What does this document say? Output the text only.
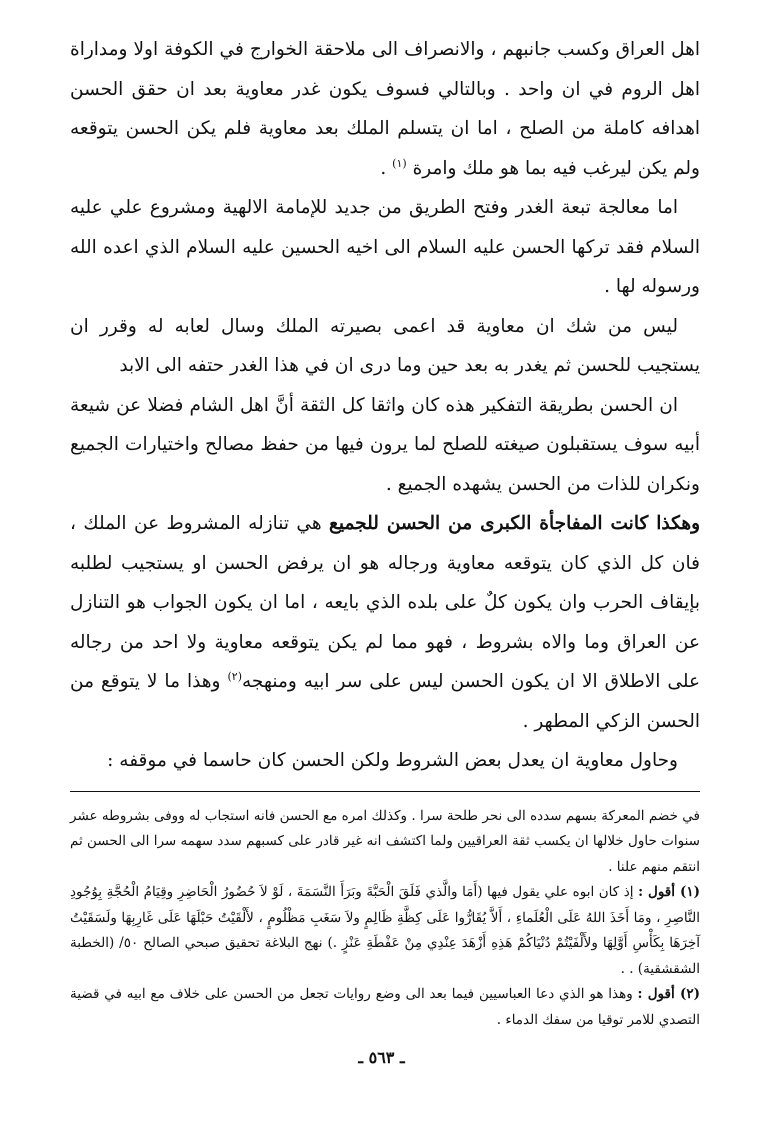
اهل العراق وكسب جانبهم ، والانصراف الى ملاحقة الخوارج في الكوفة اولا ومداراة اهل الروم في ان واحد . وبالتالي فسوف يكون غدر معاوية بعد ان حقق الحسن اهدافه كاملة من الصلح ، اما ان يتسلم الملك بعد معاوية فلم يكن الحسن يتوقعه ولم يكن ليرغب فيه بما هو ملك وامرة $^{(١)}$ .

اما معالجة تبعة الغدر وفتح الطريق من جديد للإمامة الالهية ومشروع علي عليه السلام فقد تركها الحسن عليه السلام الى اخيه الحسين عليه السلام الذي اعده الله ورسوله لها .

ليس من شك ان معاوية قد اعمى بصيرته الملك وسال لعابه له وقرر ان يستجيب للحسن ثم يغدر به بعد حين وما درى ان في هذا الغدر حتفه الى الابد

ان الحسن بطريقة التفكير هذه كان واثقا كل الثقة أنَّ اهل الشام فضلا عن شيعة أبيه سوف يستقبلون صيغته للصلح لما يرون فيها من حفظ مصالح واختيارات الجميع ونكران للذات من الحسن يشهده الجميع .

وهكذا كانت المفاجأة الكبرى من الحسن للجميع هي تنازله المشروط عن الملك ، فان كل الذي كان يتوقعه معاوية ورجاله هو ان يرفض الحسن او يستجيب لطلبه بإيقاف الحرب وان يكون كلٌ على بلده الذي بايعه ، اما ان يكون الجواب هو التنازل عن العراق وما والاه بشروط ، فهو مما لم يكن يتوقعه معاوية ولا احد من رجاله على الاطلاق الا ان يكون الحسن ليس على سر ابيه ومنهجه$^{(٢)}$ وهذا ما لا يتوقع من الحسن الزكي المطهر .

وحاول معاوية ان يعدل بعض الشروط ولكن الحسن كان حاسما في موقفه :

في خضم المعركة بسهم سدده الى نحر طلحة سرا . وكذلك امره مع الحسن فانه استجاب له ووفى بشروطه عشر سنوات حاول خلالها ان يكسب ثقة العراقيين ولما اكتشف انه غير قادر على كسبهم سدد سهمه سرا الى الحسن ثم انتقم منهم علنا .

(١) أقول : إذ كان ابوه علي يقول فيها (أَمَا والَّذي فَلَقَ الْحَبَّةَ وبَرَأَ النَّسَمَةَ ، لَوْ لاَ حُضُورُ الْحَاضِرِ وقِيَامُ الْحُجَّةِ بِوُجُودِ النَّاصِرِ ، ومَا أَخَذَ اللهُ عَلَى الْعُلَماءِ ، أَلاَّ يُقَارُّوا عَلَى كِظَّةِ ظَالِمٍ ولاَ سَغَبِ مَظْلُومٍ ، لأَلْقَيْتُ حَبْلَهَا عَلَى غَارِبِهَا ولَسَقَيْتُ آخِرَهَا بِكَأْسِ أَوَّلِهَا ولأَلْفَيْتُمْ دُنْيَاكُمْ هَذِهِ أَزْهَدَ عِنْدِي مِنْ عَفْطَةِ عَنْزٍ .) نهج البلاغة تحقيق صبحي الصالح ٥٠/ (الخطبة الشقشقية) . .

(٢) أقول : وهذا هو الذي دعا العباسيين فيما بعد الى وضع روايات تجعل من الحسن على خلاف مع ابيه في قضية التصدي للامر توقيا من سفك الدماء .

ـ ٥٦٣ ـ
